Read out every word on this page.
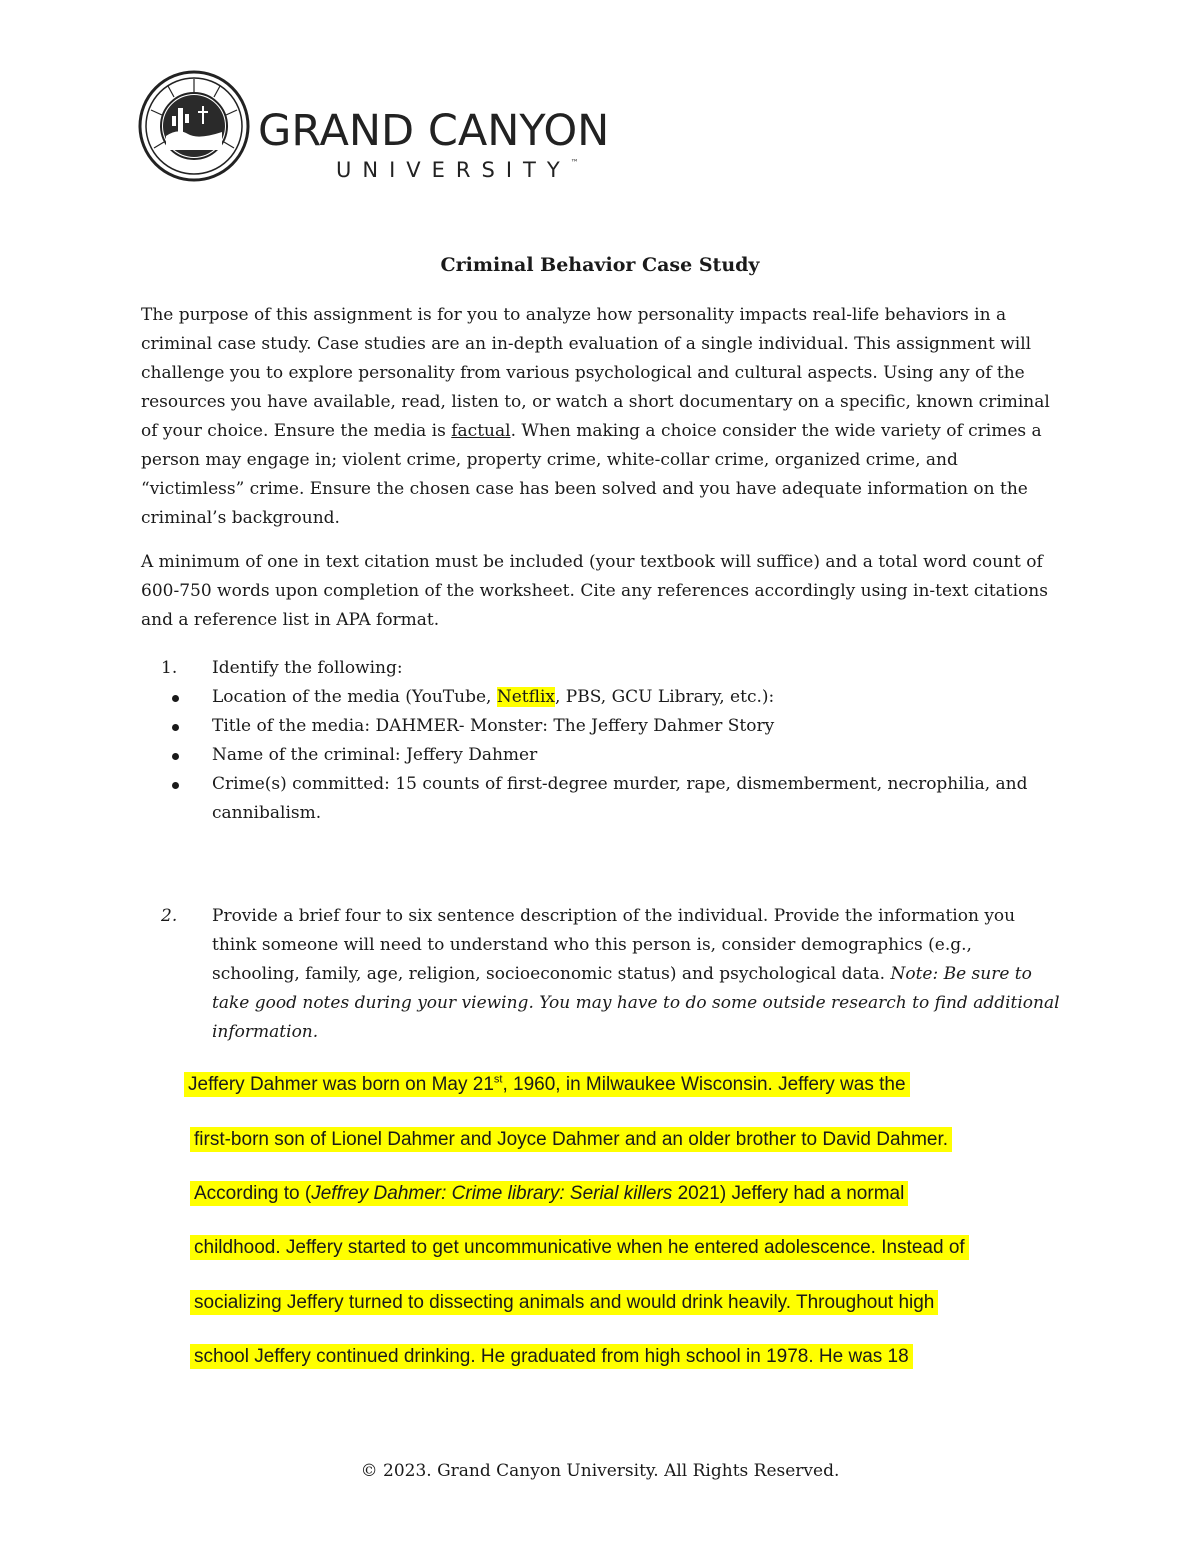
GRAND CANYON
UNIVERSITY™
Criminal Behavior Case Study
The purpose of this assignment is for you to analyze how personality impacts real-life behaviors in a criminal case study. Case studies are an in-depth evaluation of a single individual. This assignment will challenge you to explore personality from various psychological and cultural aspects. Using any of the resources you have available, read, listen to, or watch a short documentary on a specific, known criminal of your choice. Ensure the media is factual. When making a choice consider the wide variety of crimes a person may engage in; violent crime, property crime, white-collar crime, organized crime, and “victimless” crime. Ensure the chosen case has been solved and you have adequate information on the criminal’s background.
A minimum of one in text citation must be included (your textbook will suffice) and a total word count of 600-750 words upon completion of the worksheet. Cite any references accordingly using in-text citations and a reference list in APA format.
1. Identify the following:
Location of the media (YouTube, Netflix, PBS, GCU Library, etc.):
Title of the media: DAHMER- Monster: The Jeffery Dahmer Story
Name of the criminal: Jeffery Dahmer
Crime(s) committed: 15 counts of first-degree murder, rape, dismemberment, necrophilia, and cannibalism.
2. Provide a brief four to six sentence description of the individual. Provide the information you think someone will need to understand who this person is, consider demographics (e.g., schooling, family, age, religion, socioeconomic status) and psychological data. Note: Be sure to take good notes during your viewing. You may have to do some outside research to find additional information.
Jeffery Dahmer was born on May 21st, 1960, in Milwaukee Wisconsin. Jeffery was the
first-born son of Lionel Dahmer and Joyce Dahmer and an older brother to David Dahmer.
According to (Jeffrey Dahmer: Crime library: Serial killers 2021) Jeffery had a normal
childhood. Jeffery started to get uncommunicative when he entered adolescence. Instead of
socializing Jeffery turned to dissecting animals and would drink heavily. Throughout high
school Jeffery continued drinking. He graduated from high school in 1978. He was 18
© 2023. Grand Canyon University. All Rights Reserved.
